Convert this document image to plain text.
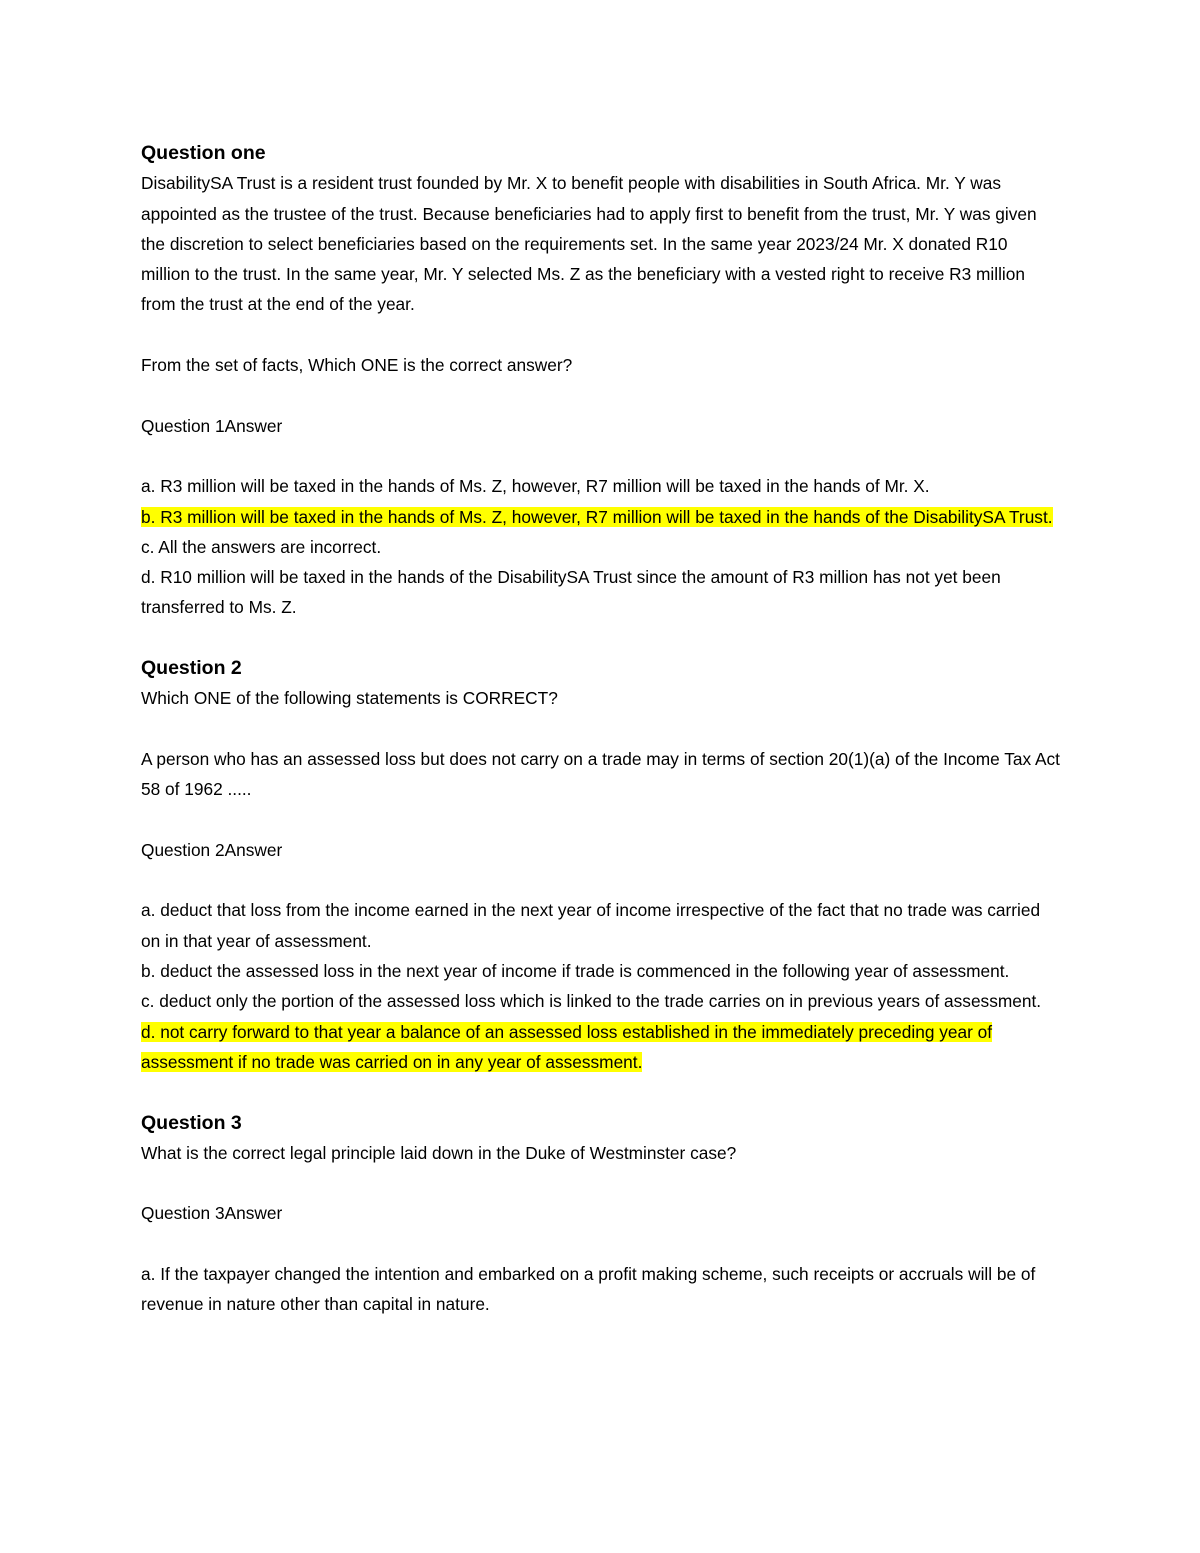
Question one

DisabilitySA Trust is a resident trust founded by Mr. X to benefit people with disabilities in South Africa. Mr. Y was appointed as the trustee of the trust. Because beneficiaries had to apply first to benefit from the trust, Mr. Y was given the discretion to select beneficiaries based on the requirements set. In the same year 2023/24 Mr. X donated R10 million to the trust. In the same year, Mr. Y selected Ms. Z as the beneficiary with a vested right to receive R3 million from the trust at the end of the year.

From the set of facts, Which ONE is the correct answer?

Question 1Answer

a. R3 million will be taxed in the hands of Ms. Z, however, R7 million will be taxed in the hands of Mr. X.

b. R3 million will be taxed in the hands of Ms. Z, however, R7 million will be taxed in the hands of the DisabilitySA Trust.

c. All the answers are incorrect.

d. R10 million will be taxed in the hands of the DisabilitySA Trust since the amount of R3 million has not yet been transferred to Ms. Z.

Question 2

Which ONE of the following statements is CORRECT?

A person who has an assessed loss but does not carry on a trade may in terms of section 20(1)(a) of the Income Tax Act 58 of 1962 .....

Question 2Answer

a. deduct that loss from the income earned in the next year of income irrespective of the fact that no trade was carried on in that year of assessment.

b. deduct the assessed loss in the next year of income if trade is commenced in the following year of assessment.

c. deduct only the portion of the assessed loss which is linked to the trade carries on in previous years of assessment.

d. not carry forward to that year a balance of an assessed loss established in the immediately preceding year of assessment if no trade was carried on in any year of assessment.

Question 3

What is the correct legal principle laid down in the Duke of Westminster case?

Question 3Answer

a. If the taxpayer changed the intention and embarked on a profit making scheme, such receipts or accruals will be of revenue in nature other than capital in nature.
